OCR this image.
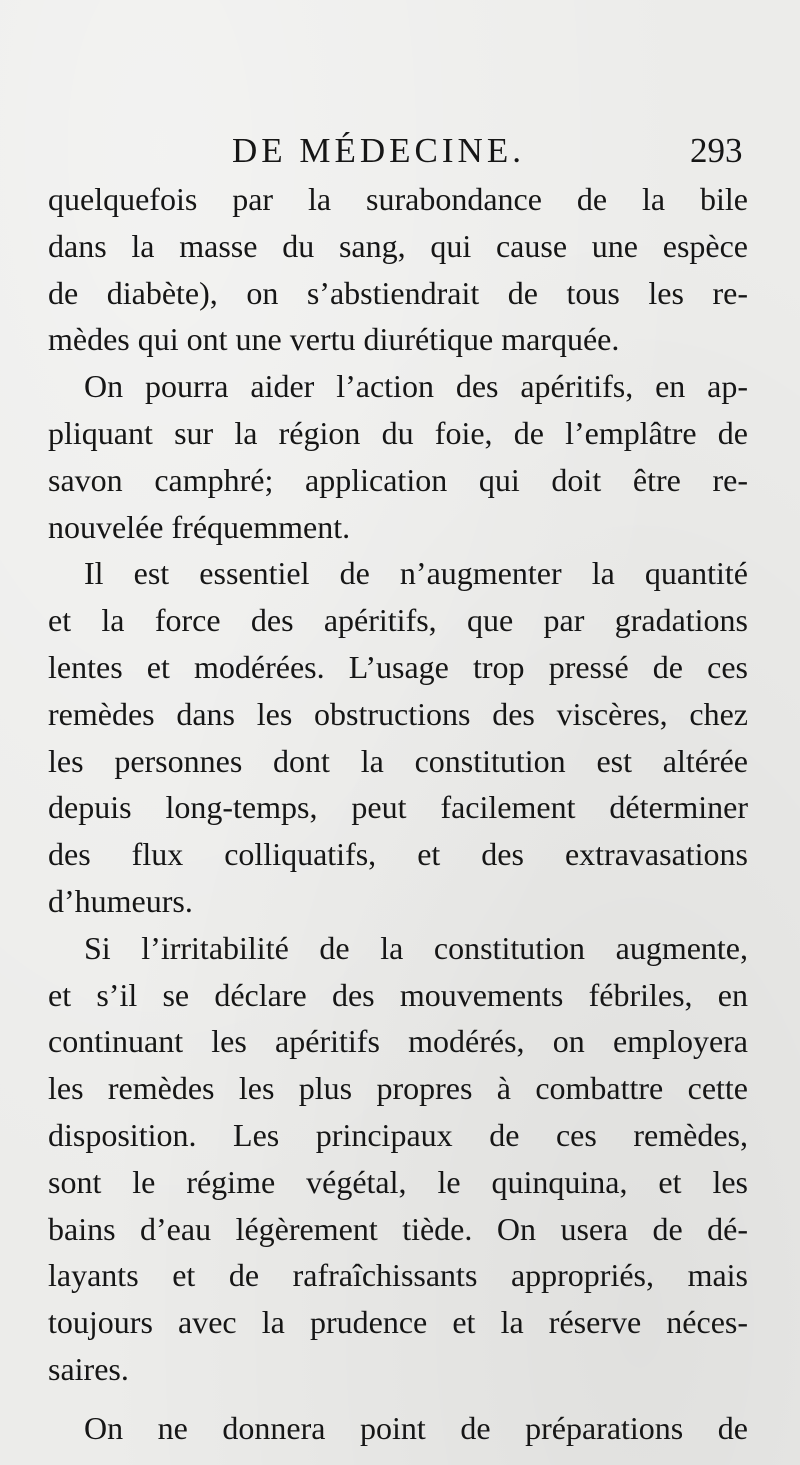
DE MÉDECINE.	293
quelquefois par la surabondance de la bile
dans la masse du sang, qui cause une espèce
de diabète), on s’abstiendrait de tous les re-
mèdes qui ont une vertu diurétique marquée.
On pourra aider l’action des apéritifs, en ap-
pliquant sur la région du foie, de l’emplâtre de
savon camphré; application qui doit être re-
nouvelée fréquemment.
Il est essentiel de n’augmenter la quantité
et la force des apéritifs, que par gradations
lentes et modérées. L’usage trop pressé de ces
remèdes dans les obstructions des viscères, chez
les personnes dont la constitution est altérée
depuis long-temps, peut facilement déterminer
des flux colliquatifs, et des extravasations
d’humeurs.
Si l’irritabilité de la constitution augmente,
et s’il se déclare des mouvements fébriles, en
continuant les apéritifs modérés, on employera
les remèdes les plus propres à combattre cette
disposition. Les principaux de ces remèdes,
sont le régime végétal, le quinquina, et les
bains d’eau légèrement tiède. On usera de dé-
layants et de rafraîchissants appropriés, mais
toujours avec la prudence et la réserve néces-
saires.
On ne donnera point de préparations de
